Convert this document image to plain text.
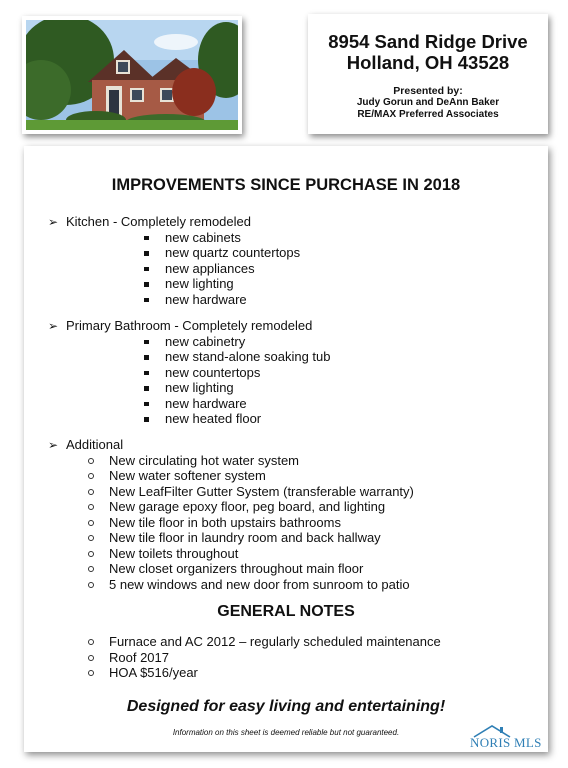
8954 Sand Ridge Drive
Holland, OH 43528
Presented by:
Judy Gorun and DeAnn Baker
RE/MAX Preferred Associates
IMPROVEMENTS SINCE PURCHASE IN 2018
➢ Kitchen - Completely remodeled
new cabinets
new quartz countertops
new appliances
new lighting
new hardware
➢ Primary Bathroom - Completely remodeled
new cabinetry
new stand-alone soaking tub
new countertops
new lighting
new hardware
new heated floor
➢ Additional
New circulating hot water system
New water softener system
New LeafFilter Gutter System (transferable warranty)
New garage epoxy floor, peg board, and lighting
New tile floor in both upstairs bathrooms
New tile floor in laundry room and back hallway
New toilets throughout
New closet organizers throughout main floor
5 new windows and new door from sunroom to patio
GENERAL NOTES
Furnace and AC 2012 – regularly scheduled maintenance
Roof 2017
HOA $516/year
Designed for easy living and entertaining!
Information on this sheet is deemed reliable but not guaranteed.
NORIS MLS
